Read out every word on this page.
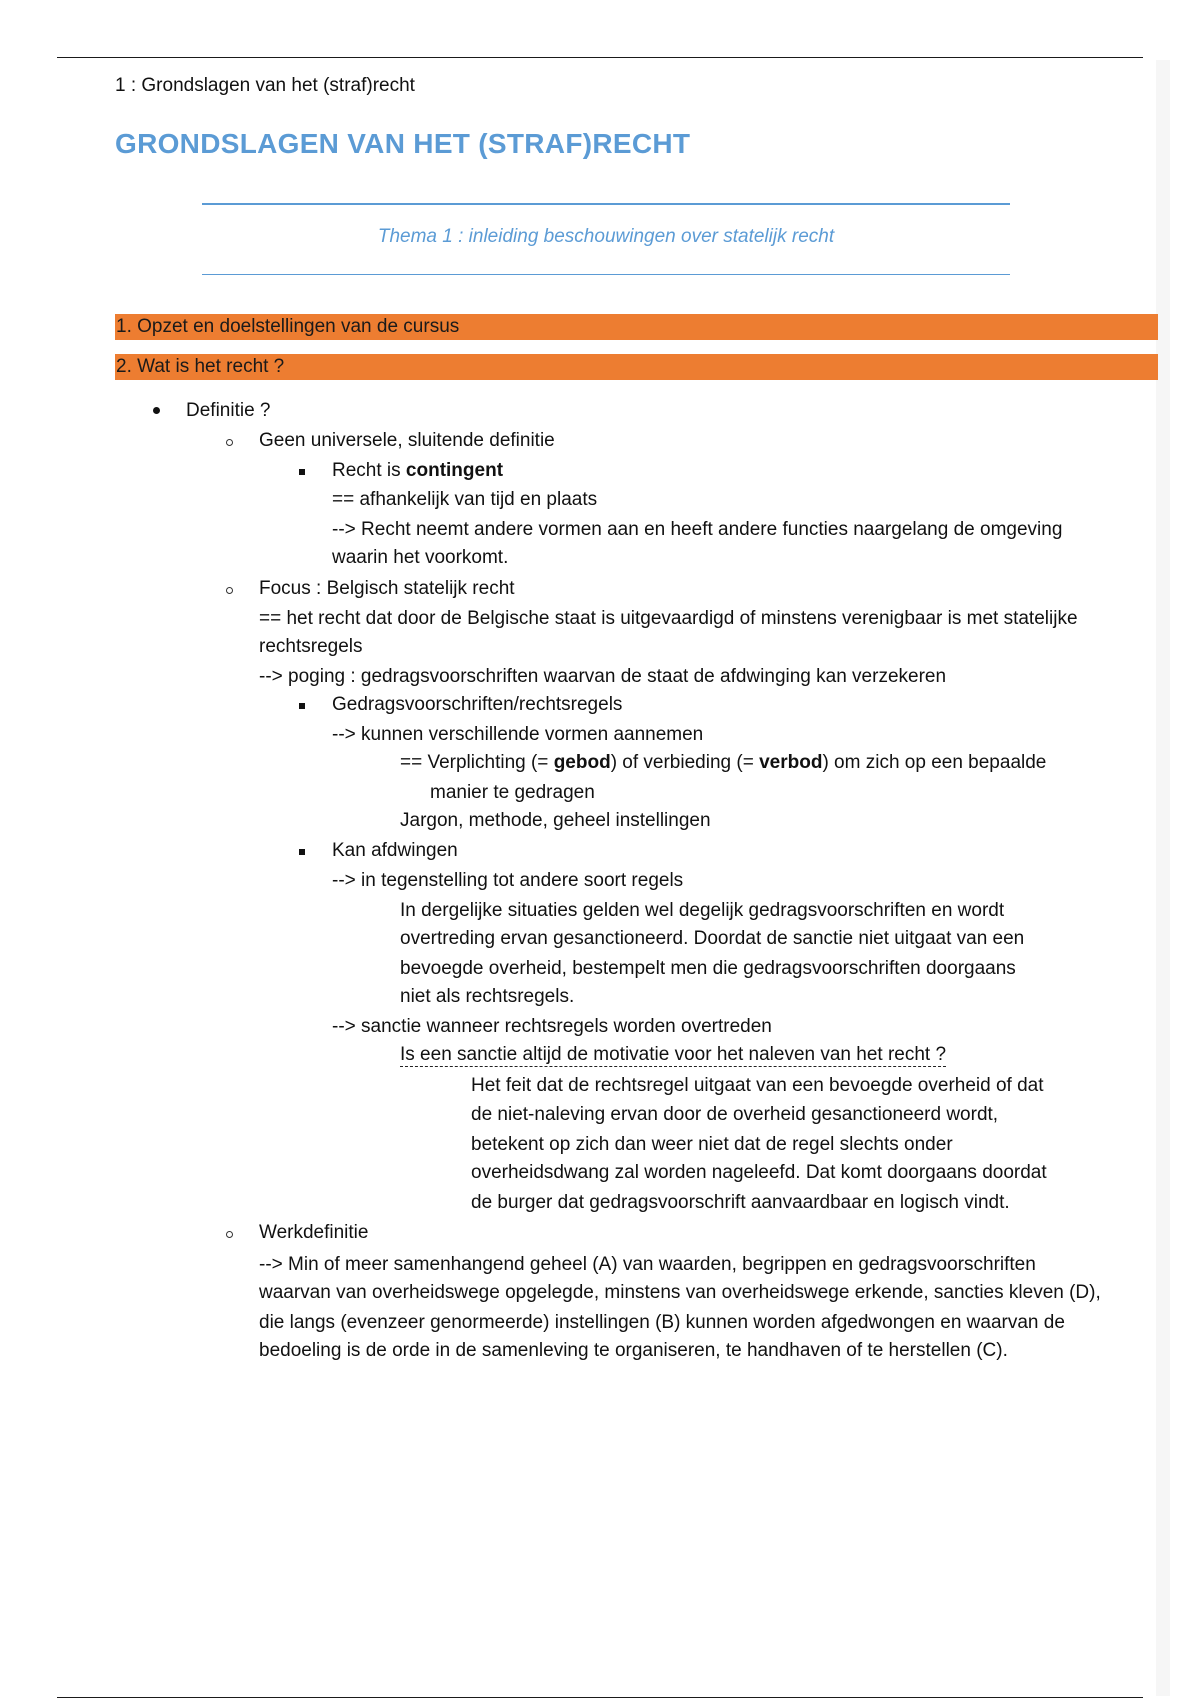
1 : Grondslagen van het (straf)recht
GRONDSLAGEN VAN HET (STRAF)RECHT
Thema 1 : inleiding beschouwingen over statelijk recht
1. Opzet en doelstellingen van de cursus
2. Wat is het recht ?
Definitie ?
Geen universele, sluitende definitie
Recht is contingent
== afhankelijk van tijd en plaats
--> Recht neemt andere vormen aan en heeft andere functies naargelang de omgeving
waarin het voorkomt.
Focus : Belgisch statelijk recht
== het recht dat door de Belgische staat is uitgevaardigd of minstens verenigbaar is met statelijke
rechtsregels
--> poging : gedragsvoorschriften waarvan de staat de afdwinging kan verzekeren
Gedragsvoorschriften/rechtsregels
--> kunnen verschillende vormen aannemen
== Verplichting (= gebod) of verbieding (= verbod) om zich op een bepaalde
manier te gedragen
Jargon, methode, geheel instellingen
Kan afdwingen
--> in tegenstelling tot andere soort regels
In dergelijke situaties gelden wel degelijk gedragsvoorschriften en wordt
overtreding ervan gesanctioneerd. Doordat de sanctie niet uitgaat van een
bevoegde overheid, bestempelt men die gedragsvoorschriften doorgaans
niet als rechtsregels.
--> sanctie wanneer rechtsregels worden overtreden
Is een sanctie altijd de motivatie voor het naleven van het recht ?
Het feit dat de rechtsregel uitgaat van een bevoegde overheid of dat
de niet-naleving ervan door de overheid gesanctioneerd wordt,
betekent op zich dan weer niet dat de regel slechts onder
overheidsdwang zal worden nageleefd. Dat komt doorgaans doordat
de burger dat gedragsvoorschrift aanvaardbaar en logisch vindt.
Werkdefinitie
--> Min of meer samenhangend geheel (A) van waarden, begrippen en gedragsvoorschriften
waarvan van overheidswege opgelegde, minstens van overheidswege erkende, sancties kleven (D),
die langs (evenzeer genormeerde) instellingen (B) kunnen worden afgedwongen en waarvan de
bedoeling is de orde in de samenleving te organiseren, te handhaven of te herstellen (C).
